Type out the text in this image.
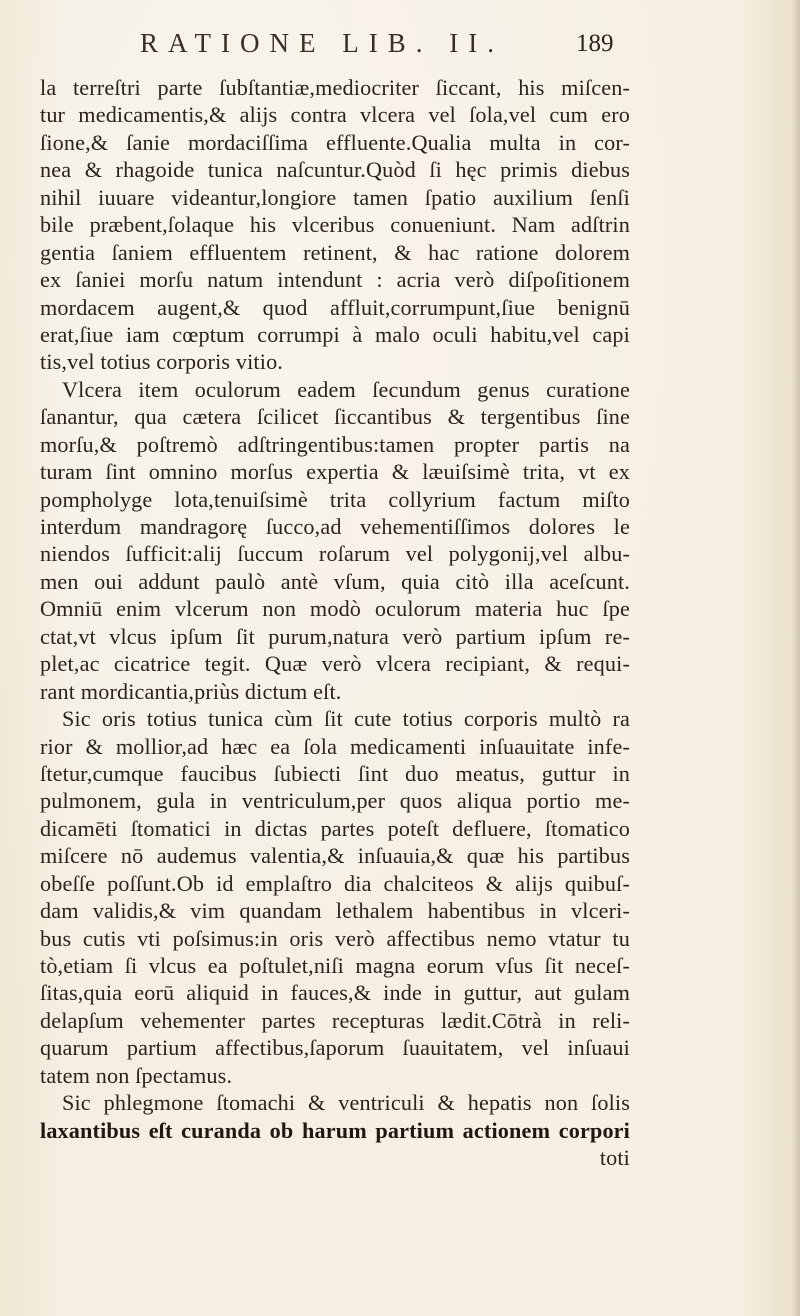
RATIONE LIB. II.	189
la terreſtri parte ſubſtantiæ,mediocriter ſiccant, his miſcen-
tur medicamentis,& alijs contra vlcera vel ſola,vel cum ero
ſione,& ſanie mordaciſſima effluente.Qualia multa in cor-
nea & rhagoide tunica naſcuntur.Quòd ſi hęc primis diebus
nihil iuuare videantur,longiore tamen ſpatio auxilium ſenſi
bile præbent,ſolaque his vlceribus conueniunt. Nam adſtrin
gentia ſaniem effluentem retinent, & hac ratione dolorem
ex ſaniei morſu natum intendunt : acria verò diſpoſitionem
mordacem augent,& quod affluit,corrumpunt,ſiue benignū
erat,ſiue iam cœptum corrumpi à malo oculi habitu,vel capi
tis,vel totius corporis vitio.
Vlcera item oculorum eadem ſecundum genus curatione
ſanantur, qua cætera ſcilicet ſiccantibus & tergentibus ſine
morſu,& poſtremò adſtringentibus:tamen propter partis na
turam ſint omnino morſus expertia & læuiſsimè trita, vt ex
pompholyge lota,tenuiſsimè trita collyrium factum miſto
interdum mandragorę ſucco,ad vehementiſſimos dolores le
niendos ſufficit:alij ſuccum roſarum vel polygonij,vel albu-
men oui addunt paulò antè vſum, quia citò illa aceſcunt.
Omniū enim vlcerum non modò oculorum materia huc ſpe
ctat,vt vlcus ipſum ſit purum,natura verò partium ipſum re-
plet,ac cicatrice tegit. Quæ verò vlcera recipiant, & requi-
rant mordicantia,priùs dictum eſt.
Sic oris totius tunica cùm ſit cute totius corporis multò ra
rior & mollior,ad hæc ea ſola medicamenti inſuauitate infe-
ſtetur,cumque faucibus ſubiecti ſint duo meatus, guttur in
pulmonem, gula in ventriculum,per quos aliqua portio me-
dicamēti ſtomatici in dictas partes poteſt defluere, ſtomatico
miſcere nō audemus valentia,& inſuauia,& quæ his partibus
obeſſe poſſunt.Ob id emplaſtro dia chalciteos & alijs quibuſ-
dam validis,& vim quandam lethalem habentibus in vlceri-
bus cutis vti poſsimus:in oris verò affectibus nemo vtatur tu
tò,etiam ſi vlcus ea poſtulet,niſi magna eorum vſus ſit neceſ-
ſitas,quia eorū aliquid in fauces,& inde in guttur, aut gulam
delapſum vehementer partes recepturas lædit.Cōtrà in reli-
quarum partium affectibus,ſaporum ſuauitatem, vel inſuaui
tatem non ſpectamus.
Sic phlegmone ſtomachi & ventriculi & hepatis non ſolis
laxantibus eſt curanda ob harum partium actionem corpori
toti
